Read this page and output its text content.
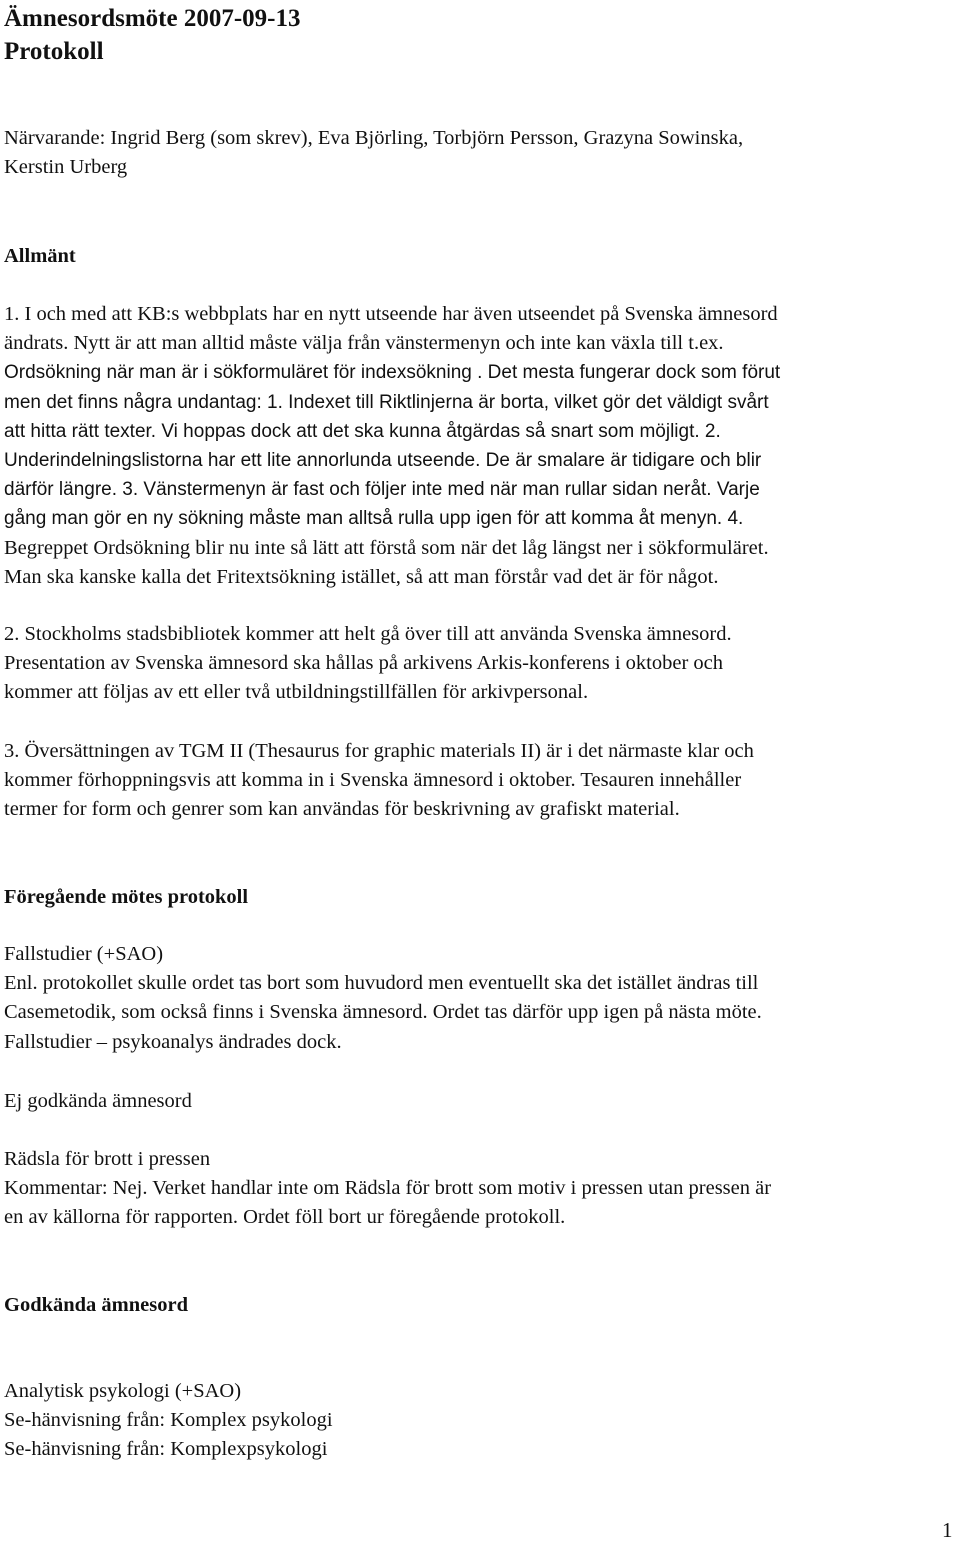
Ämnesordsmöte 2007-09-13
Protokoll
Närvarande: Ingrid Berg (som skrev), Eva Björling, Torbjörn Persson, Grazyna Sowinska,
Kerstin Urberg
Allmänt
1. I och med att KB:s webbplats har en nytt utseende har även utseendet på Svenska ämnesord
ändrats. Nytt är att man alltid måste välja från vänstermenyn och inte kan växla till t.ex.
Ordsökning när man är i sökformuläret för indexsökning . Det mesta fungerar dock som förut
men det finns några undantag: 1. Indexet till Riktlinjerna är borta, vilket gör det väldigt svårt
att hitta rätt texter. Vi hoppas dock att det ska kunna åtgärdas så snart som möjligt. 2.
Underindelningslistorna har ett lite annorlunda utseende. De är smalare är tidigare och blir
därför längre. 3. Vänstermenyn är fast och följer inte med när man rullar sidan neråt. Varje
gång man gör en ny sökning måste man alltså rulla upp igen för att komma åt menyn. 4.
Begreppet Ordsökning blir nu inte så lätt att förstå som när det låg längst ner i sökformuläret.
Man ska kanske kalla det Fritextsökning istället, så att man förstår vad det är för något.
2. Stockholms stadsbibliotek kommer att helt gå över till att använda Svenska ämnesord.
Presentation av Svenska ämnesord ska hållas på arkivens Arkis-konferens i oktober och
kommer att följas av ett eller två utbildningstillfällen för arkivpersonal.
3. Översättningen av TGM II (Thesaurus for graphic materials II) är i det närmaste klar och
kommer förhoppningsvis att komma in i Svenska ämnesord i oktober. Tesauren innehåller
termer for form och genrer som kan användas för beskrivning av grafiskt material.
Föregående mötes protokoll
Fallstudier (+SAO)
Enl. protokollet skulle ordet tas bort som huvudord men eventuellt ska det istället ändras till
Casemetodik, som också finns i Svenska ämnesord. Ordet tas därför upp igen på nästa möte.
Fallstudier – psykoanalys ändrades dock.
Ej godkända ämnesord
Rädsla för brott i pressen
Kommentar: Nej. Verket handlar inte om Rädsla för brott som motiv i pressen utan pressen är
en av källorna för rapporten. Ordet föll bort ur föregående protokoll.
Godkända ämnesord
Analytisk psykologi (+SAO)
Se-hänvisning från: Komplex psykologi
Se-hänvisning från: Komplexpsykologi
1
